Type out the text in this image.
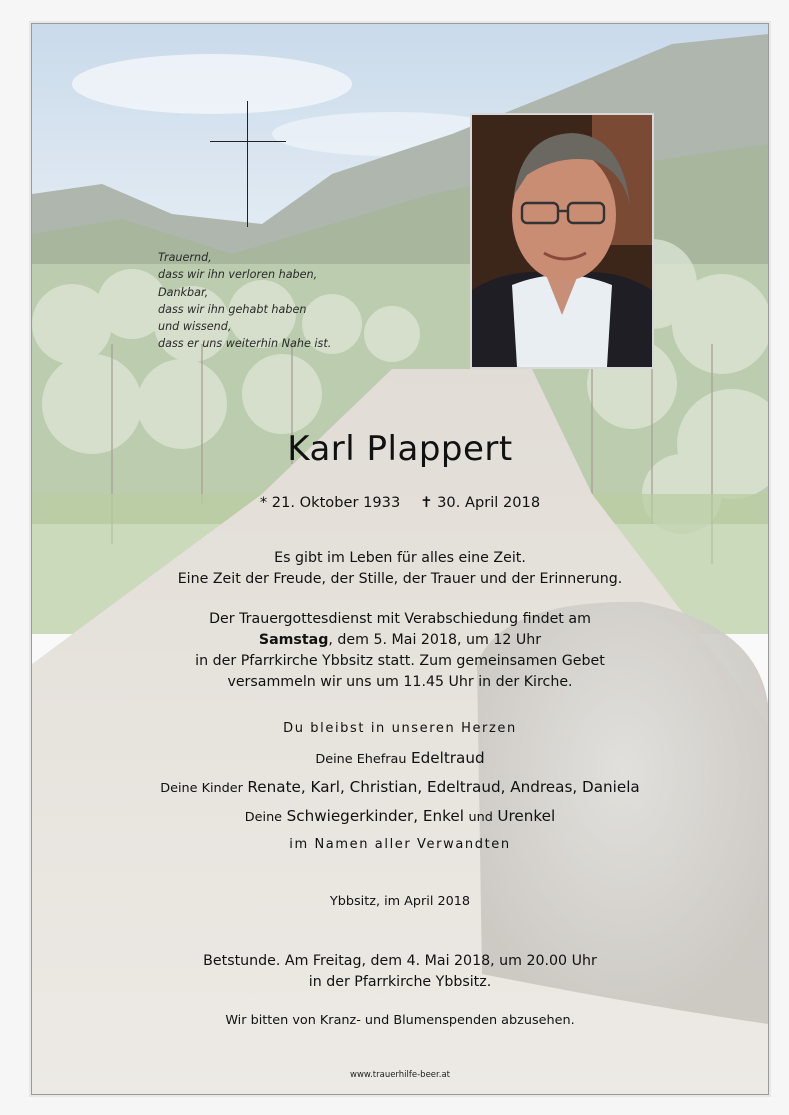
Trauernd,
dass wir ihn verloren haben,
Dankbar,
dass wir ihn gehabt haben
und wissend,
dass er uns weiterhin Nahe ist.
Karl Plappert
* 21. Oktober 1933 ✝ 30. April 2018
Es gibt im Leben für alles eine Zeit.
Eine Zeit der Freude, der Stille, der Trauer und der Erinnerung.
Der Trauergottesdienst mit Verabschiedung findet am
Samstag, dem 5. Mai 2018, um 12 Uhr
in der Pfarrkirche Ybbsitz statt. Zum gemeinsamen Gebet
versammeln wir uns um 11.45 Uhr in der Kirche.
Du bleibst in unseren Herzen
Deine Ehefrau Edeltraud
Deine Kinder Renate, Karl, Christian, Edeltraud, Andreas, Daniela
Deine Schwiegerkinder, Enkel und Urenkel
im Namen aller Verwandten
Ybbsitz, im April 2018
Betstunde. Am Freitag, dem 4. Mai 2018, um 20.00 Uhr
in der Pfarrkirche Ybbsitz.
Wir bitten von Kranz- und Blumenspenden abzusehen.
www.trauerhilfe-beer.at
